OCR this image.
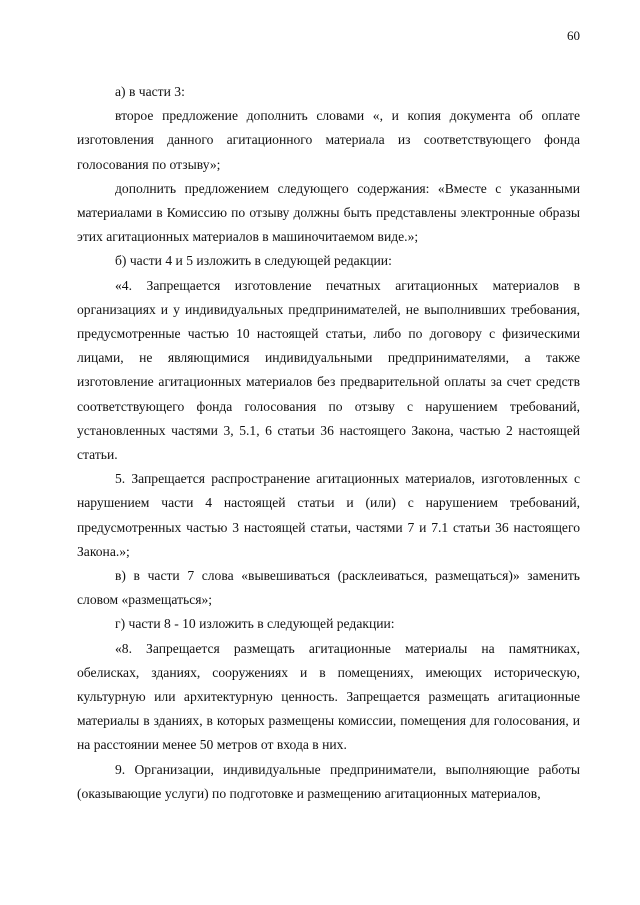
60

а) в части 3:

второе предложение дополнить словами «, и копия документа об оплате изготовления данного агитационного материала из соответствующего фонда голосования по отзыву»;

дополнить предложением следующего содержания: «Вместе с указанными материалами в Комиссию по отзыву должны быть представлены электронные образы этих агитационных материалов в машиночитаемом виде.»;

б) части 4 и 5 изложить в следующей редакции:

«4. Запрещается изготовление печатных агитационных материалов в организациях и у индивидуальных предпринимателей, не выполнивших требования, предусмотренные частью 10 настоящей статьи, либо по договору с физическими лицами, не являющимися индивидуальными предпринимателями, а также изготовление агитационных материалов без предварительной оплаты за счет средств соответствующего фонда голосования по отзыву с нарушением требований, установленных частями 3, 5.1, 6 статьи 36 настоящего Закона, частью 2 настоящей статьи.

5. Запрещается распространение агитационных материалов, изготовленных с нарушением части 4 настоящей статьи и (или) с нарушением требований, предусмотренных частью 3 настоящей статьи, частями 7 и 7.1 статьи 36 настоящего Закона.»;

в) в части 7 слова «вывешиваться (расклеиваться, размещаться)» заменить словом «размещаться»;

г) части 8 - 10 изложить в следующей редакции:

«8. Запрещается размещать агитационные материалы на памятниках, обелисках, зданиях, сооружениях и в помещениях, имеющих историческую, культурную или архитектурную ценность. Запрещается размещать агитационные материалы в зданиях, в которых размещены комиссии, помещения для голосования, и на расстоянии менее 50 метров от входа в них.

9. Организации, индивидуальные предприниматели, выполняющие работы (оказывающие услуги) по подготовке и размещению агитационных материалов,
